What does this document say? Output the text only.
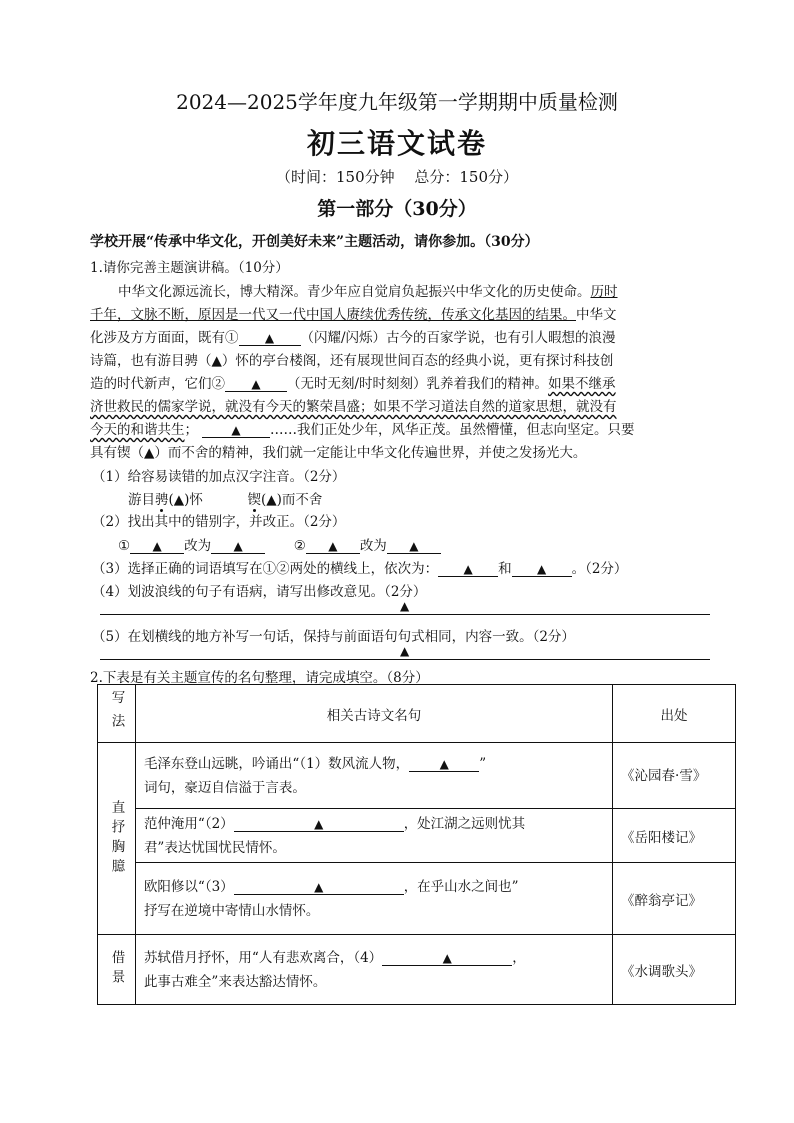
2024—2025学年度九年级第一学期期中质量检测
初三语文试卷
（时间：150分钟 　总分：150分）
第一部分（30分）
学校开展“传承中华文化，开创美好未来”主题活动，请你参加。（30分）
1.请你完善主题演讲稿。（10分）
中华文化源远流长，博大精深。青少年应自觉肩负起振兴中华文化的历史使命。历时
千年，文脉不断，原因是一代又一代中国人赓续优秀传统，传承文化基因的结果。中华文
化涉及方方面面，既有① ▲ （闪耀/闪烁）古今的百家学说，也有引人暇想的浪漫
诗篇，也有游目骋（▲）怀的亭台楼阁，还有展现世间百态的经典小说，更有探讨科技创
造的时代新声，它们② ▲ （无时无刻/时时刻刻）乳养着我们的精神。如果不继承
济世救民的儒家学说，就没有今天的繁荣昌盛；如果不学习道法自然的道家思想，就没有
今天的和谐共生；	▲ ……我们正处少年，风华正茂。虽然懵懂，但志向坚定。只要
具有锲（▲）而不舍的精神，我们就一定能让中华文化传遍世界，并使之发扬光大。
（1）给容易读错的加点汉字注音。（2分）
游目骋(▲)怀	锲(▲)而不舍
（2）找出其中的错别字，并改正。（2分）
① ▲ 改为 ▲	② ▲ 改为 ▲
（3）选择正确的词语填写在①②两处的横线上，依次为： ▲ 和 ▲ 。（2分）
（4）划波浪线的句子有语病，请写出修改意见。（2分）
▲
（5）在划横线的地方补写一句话，保持与前面语句句式相同，内容一致。（2分）
▲
2.下表是有关主题宣传的名句整理，请完成填空。（8分）
写法	相关古诗文名句	出处

直抒胸臆	毛泽东登山远眺，吟诵出“（1）数风流人物， ▲ ”
词句，豪迈自信溢于言表。	《沁园春·雪》

	范仲淹用“（2） ▲ ，处江湖之远则忧其
君”表达忧国忧民情怀。	《岳阳楼记》

	欧阳修以“（3） ▲ ，在乎山水之间也”
抒写在逆境中寄情山水情怀。	《醉翁亭记》

借景	苏轼借月抒怀，用“人有悲欢离合，（4） ▲ ，
此事古难全”来表达豁达情怀。	《水调歌头》
